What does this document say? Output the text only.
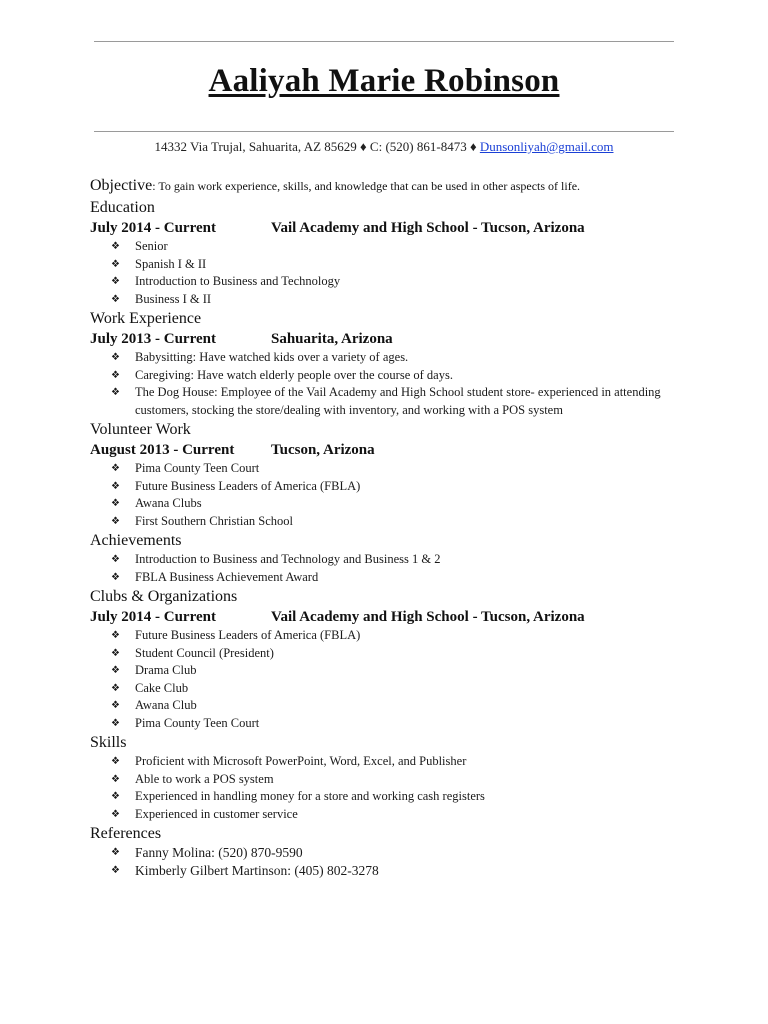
Aaliyah Marie Robinson
14332 Via Trujal, Sahuarita, AZ 85629 ♦ C: (520) 861-8473 ♦ Dunsonliyah@gmail.com
Objective: To gain work experience, skills, and knowledge that can be used in other aspects of life.
Education
July 2014 - Current	Vail Academy and High School - Tucson, Arizona
❖ Senior
❖ Spanish I & II
❖ Introduction to Business and Technology
❖ Business I & II
Work Experience
July 2013 - Current	Sahuarita, Arizona
❖ Babysitting: Have watched kids over a variety of ages.
❖ Caregiving: Have watch elderly people over the course of days.
❖ The Dog House: Employee of the Vail Academy and High School student store- experienced in attending customers, stocking the store/dealing with inventory, and working with a POS system
Volunteer Work
August 2013 - Current Tucson, Arizona
❖ Pima County Teen Court
❖ Future Business Leaders of America (FBLA)
❖ Awana Clubs
❖ First Southern Christian School
Achievements
❖ Introduction to Business and Technology and Business 1 & 2
❖ FBLA Business Achievement Award
Clubs & Organizations
July 2014 - Current	Vail Academy and High School - Tucson, Arizona
❖ Future Business Leaders of America (FBLA)
❖ Student Council (President)
❖ Drama Club
❖ Cake Club
❖ Awana Club
❖ Pima County Teen Court
Skills
❖ Proficient with Microsoft PowerPoint, Word, Excel, and Publisher
❖ Able to work a POS system
❖ Experienced in handling money for a store and working cash registers
❖ Experienced in customer service
References
❖ Fanny Molina: (520) 870-9590
❖ Kimberly Gilbert Martinson: (405) 802-3278
